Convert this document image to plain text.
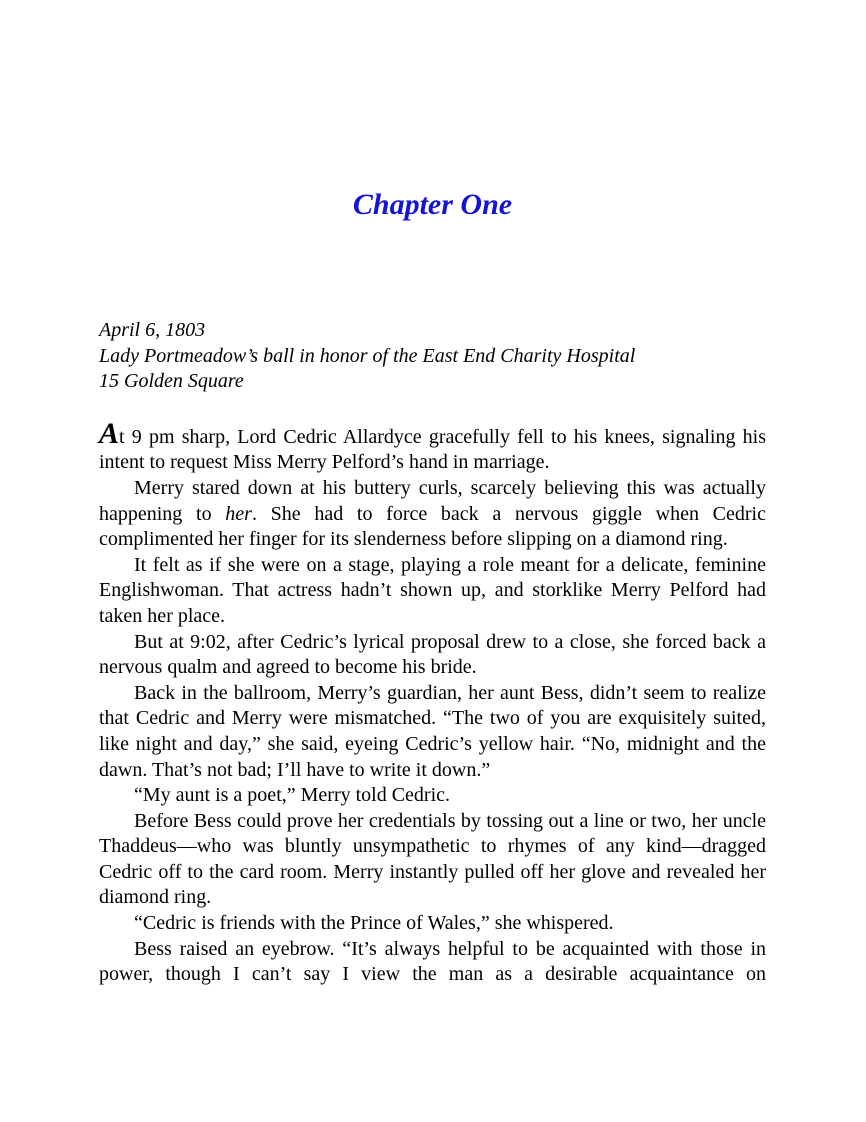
Chapter One
April 6, 1803
Lady Portmeadow’s ball in honor of the East End Charity Hospital
15 Golden Square

At 9 pm sharp, Lord Cedric Allardyce gracefully fell to his knees, signaling his intent to request Miss Merry Pelford’s hand in marriage.

Merry stared down at his buttery curls, scarcely believing this was actually happening to her. She had to force back a nervous giggle when Cedric complimented her finger for its slenderness before slipping on a diamond ring.

It felt as if she were on a stage, playing a role meant for a delicate, feminine Englishwoman. That actress hadn’t shown up, and storklike Merry Pelford had taken her place.

But at 9:02, after Cedric’s lyrical proposal drew to a close, she forced back a nervous qualm and agreed to become his bride.

Back in the ballroom, Merry’s guardian, her aunt Bess, didn’t seem to realize that Cedric and Merry were mismatched. “The two of you are exquisitely suited, like night and day,” she said, eyeing Cedric’s yellow hair. “No, midnight and the dawn. That’s not bad; I’ll have to write it down.”

“My aunt is a poet,” Merry told Cedric.

Before Bess could prove her credentials by tossing out a line or two, her uncle Thaddeus—who was bluntly unsympathetic to rhymes of any kind—dragged Cedric off to the card room. Merry instantly pulled off her glove and revealed her diamond ring.

“Cedric is friends with the Prince of Wales,” she whispered.

Bess raised an eyebrow. “It’s always helpful to be acquainted with those in power, though I can’t say I view the man as a desirable acquaintance on
